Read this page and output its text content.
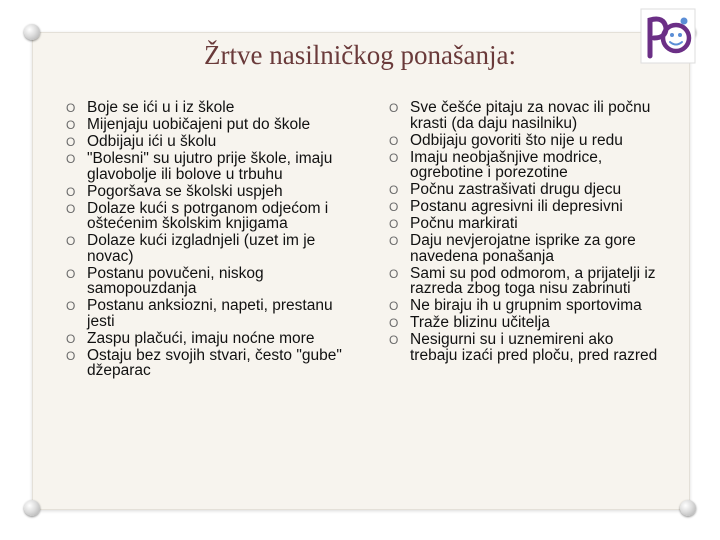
Žrtve nasilničkog ponašanja:
O Boje se ići u i iz škole
O Mijenjaju uobičajeni put do škole
O Odbijaju ići u školu
O "Bolesni" su ujutro prije škole, imaju glavobolje ili bolove u trbuhu
O Pogoršava se školski uspjeh
O Dolaze kući s potrganom odjećom i oštećenim školskim knjigama
O Dolaze kući izgladnjeli (uzet im je novac)
O Postanu povučeni, niskog samopouzdanja
O Postanu anksiozni, napeti, prestanu jesti
O Zaspu plačući, imaju noćne more
O Ostaju bez svojih stvari, često "gube" džeparac
O Sve češće pitaju za novac ili počnu krasti (da daju nasilniku)
O Odbijaju govoriti što nije u redu
O Imaju neobjašnjive modrice, ogrebotine i porezotine
O Počnu zastrašivati drugu djecu
O Postanu agresivni ili depresivni
O Počnu markirati
O Daju nevjerojatne isprike za gore navedena ponašanja
O Sami su pod odmorom, a prijatelji iz razreda zbog toga nisu zabrinuti
O Ne biraju ih u grupnim sportovima
O Traže blizinu učitelja
O Nesigurni su i uznemireni ako trebaju izaći pred ploču, pred razred
